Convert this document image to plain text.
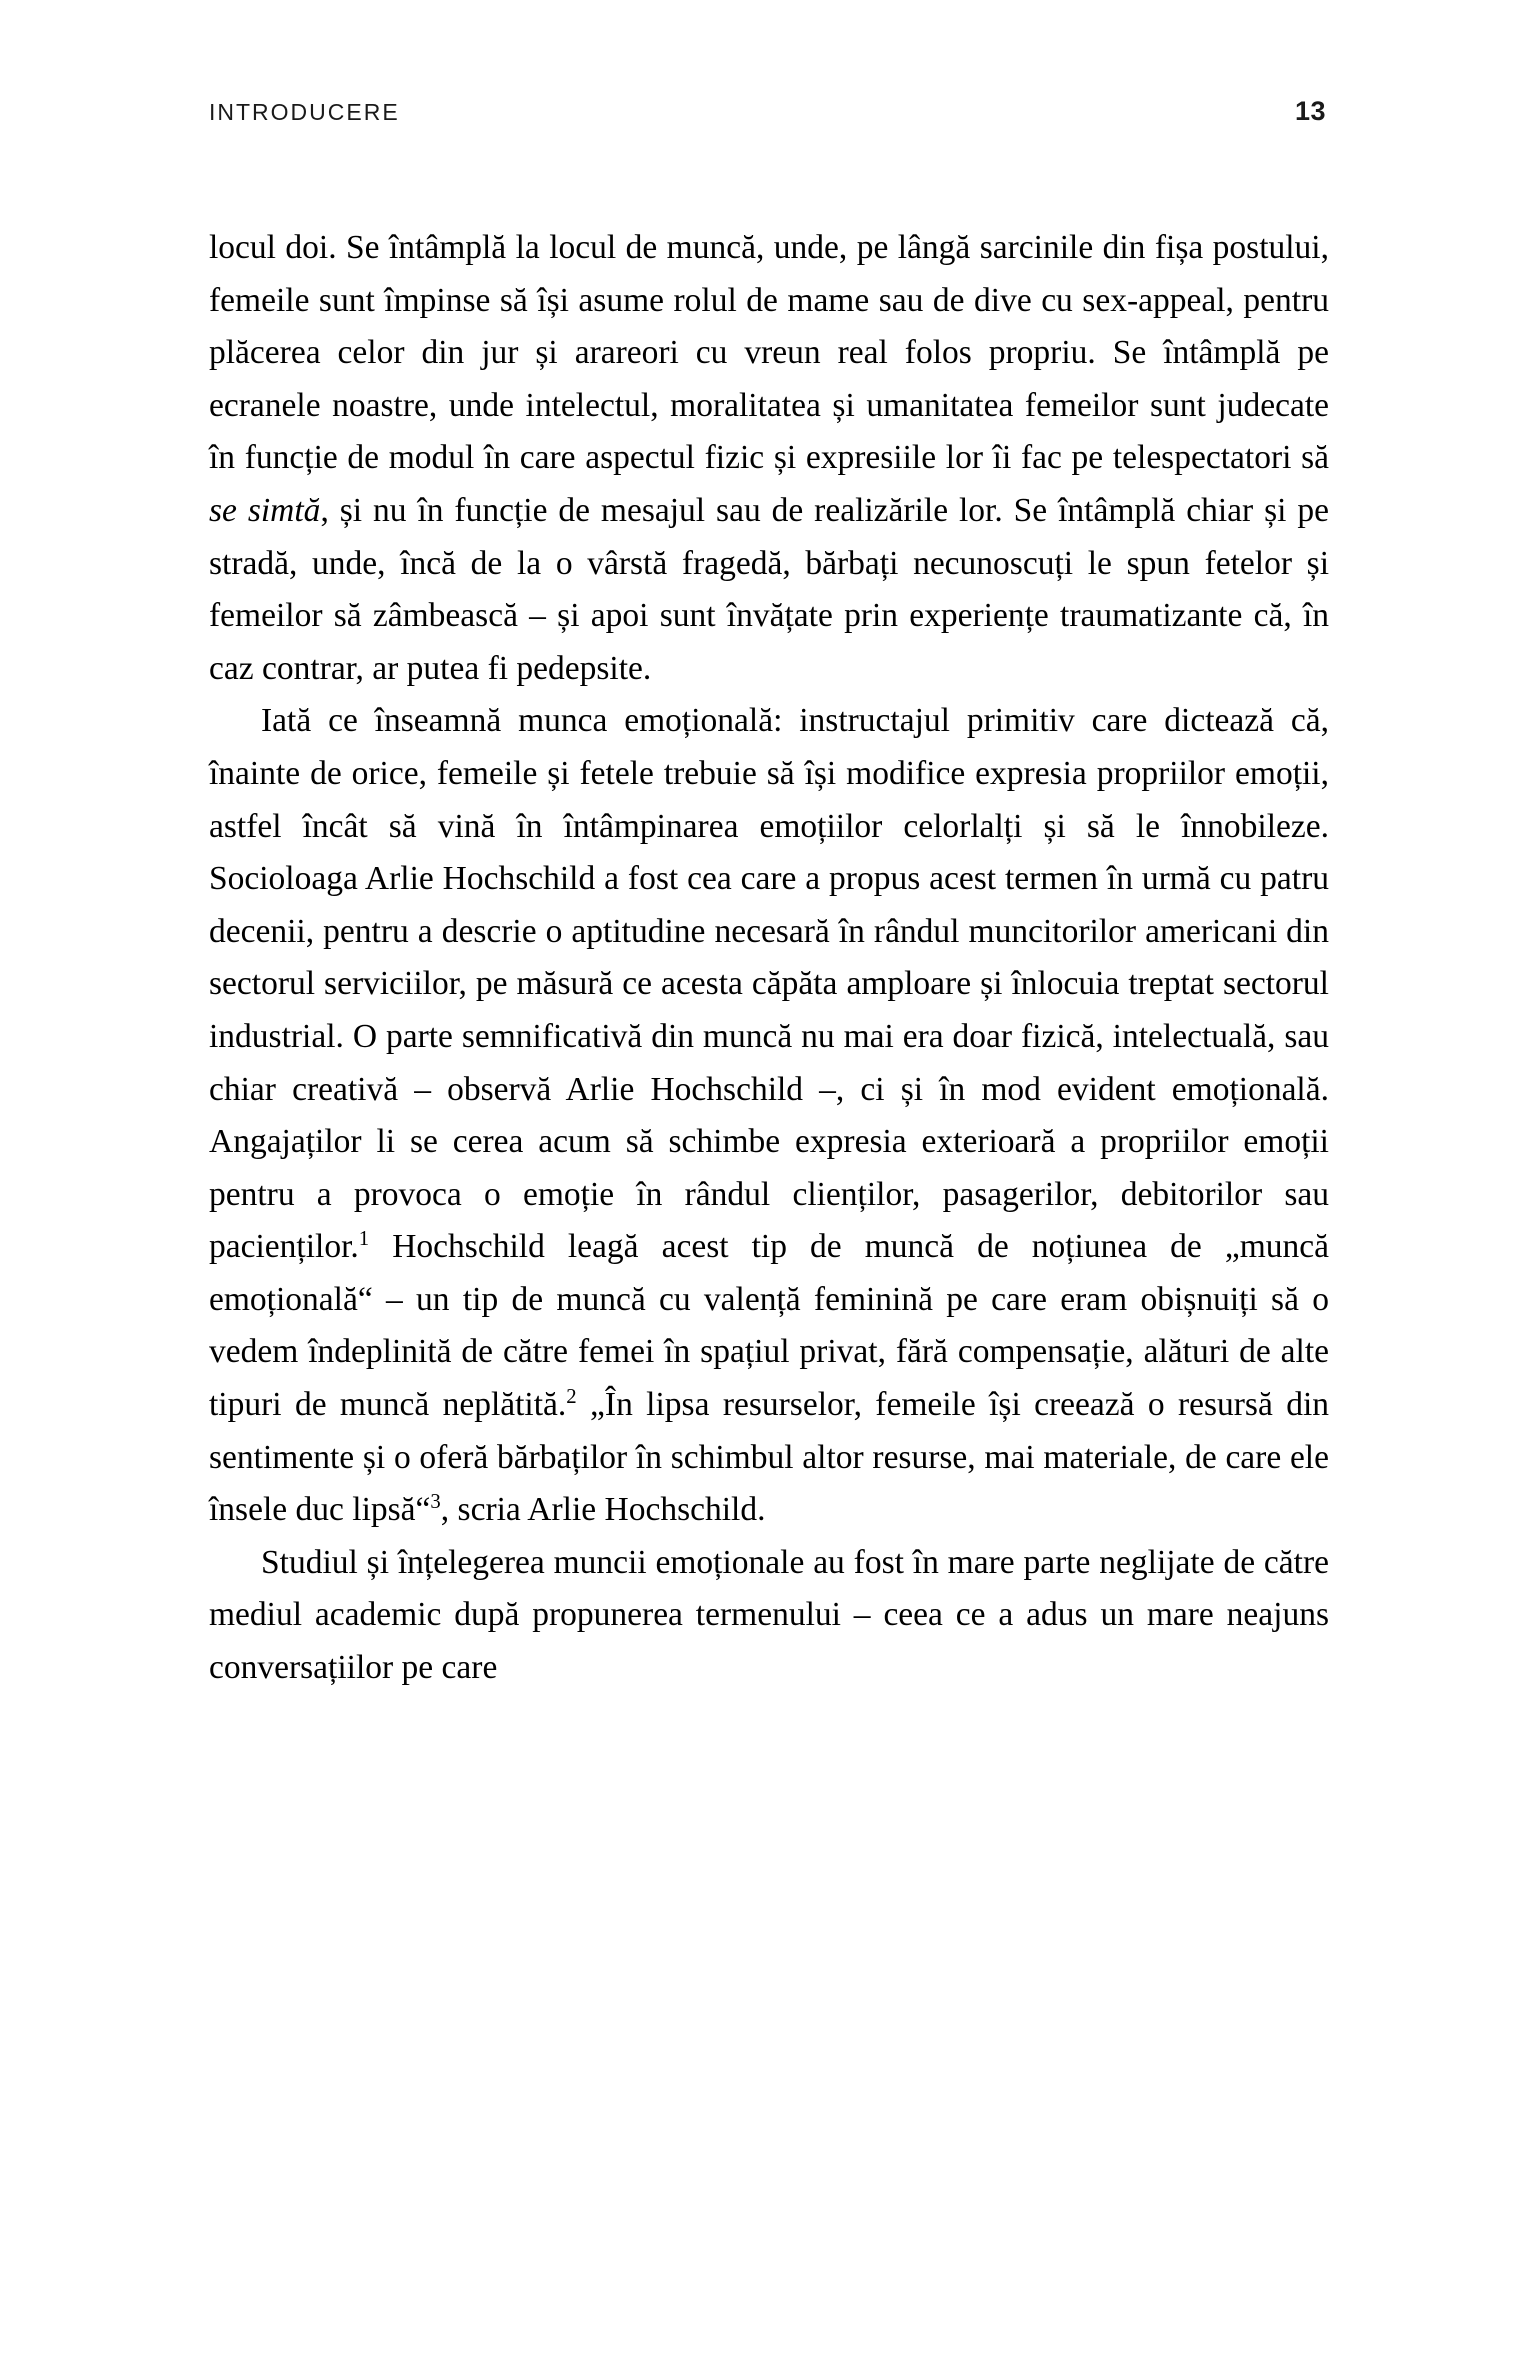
INTRODUCERE	13

locul doi. Se întâmplă la locul de muncă, unde, pe lângă sarcinile din fișa postului, femeile sunt împinse să își asume rolul de mame sau de dive cu sex-appeal, pentru plăcerea celor din jur și arareori cu vreun real folos propriu. Se întâmplă pe ecranele noastre, unde intelectul, moralitatea și umanitatea femeilor sunt judecate în funcție de modul în care aspectul fizic și expresiile lor îi fac pe telespectatori să se simtă, și nu în funcție de mesajul sau de realizările lor. Se întâmplă chiar și pe stradă, unde, încă de la o vârstă fragedă, bărbați necunoscuți le spun fetelor și femeilor să zâmbească – și apoi sunt învățate prin experiențe traumatizante că, în caz contrar, ar putea fi pedepsite.

Iată ce înseamnă munca emoțională: instructajul primitiv care dictează că, înainte de orice, femeile și fetele trebuie să își modifice expresia propriilor emoții, astfel încât să vină în întâmpinarea emoțiilor celorlalți și să le înnobileze. Socioloaga Arlie Hochschild a fost cea care a propus acest termen în urmă cu patru decenii, pentru a descrie o aptitudine necesară în rândul muncitorilor americani din sectorul serviciilor, pe măsură ce acesta căpăta amploare și înlocuia treptat sectorul industrial. O parte semnificativă din muncă nu mai era doar fizică, intelectuală, sau chiar creativă – observă Arlie Hochschild –, ci și în mod evident emoțională. Angajaților li se cerea acum să schimbe expresia exterioară a propriilor emoții pentru a provoca o emoție în rândul clienților, pasagerilor, debitorilor sau pacienților.$^1$ Hochschild leagă acest tip de muncă de noțiunea de „muncă emoțională“ – un tip de muncă cu valență feminină pe care eram obișnuiți să o vedem îndeplinită de către femei în spațiul privat, fără compensație, alături de alte tipuri de muncă neplătită.$^2$ „În lipsa resurselor, femeile își creează o resursă din sentimente și o oferă bărbaților în schimbul altor resurse, mai materiale, de care ele însele duc lipsă“$^3$, scria Arlie Hochschild.

Studiul și înțelegerea muncii emoționale au fost în mare parte neglijate de către mediul academic după propunerea termenului – ceea ce a adus un mare neajuns conversațiilor pe care
